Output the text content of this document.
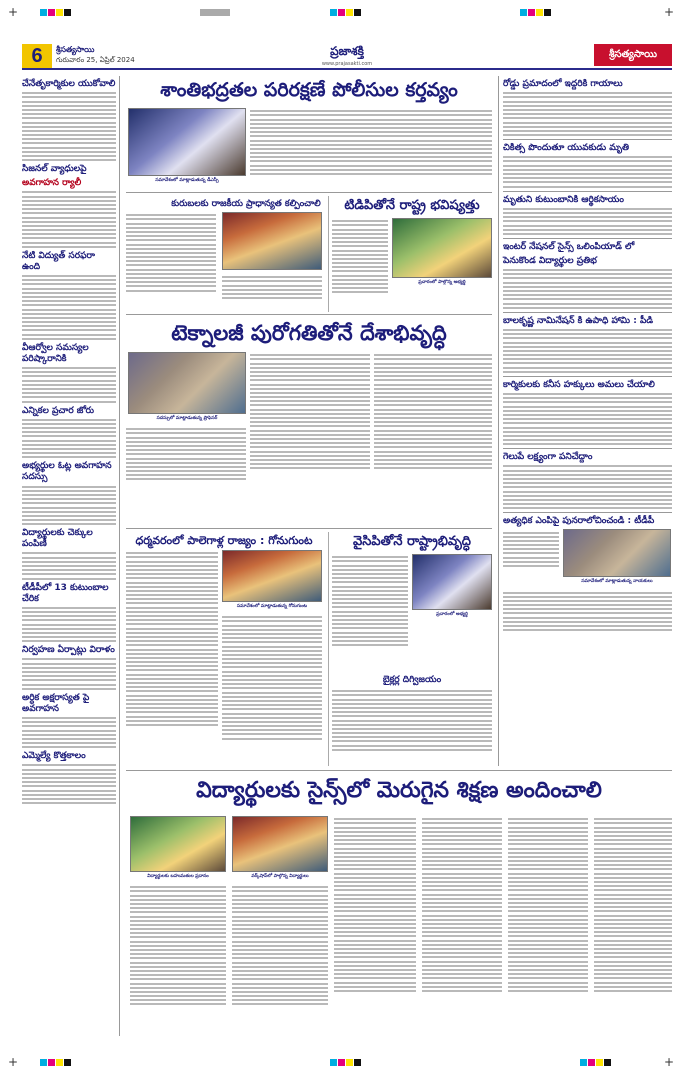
+	+
6	శ్రీసత్యసాయి
గురువారం 25, ఏప్రిల్ 2024
ప్రజాశక్తి
www.prajasakti.com
శ్రీసత్యసాయి
చేనేతృకార్మికుల యుకోవాలి
సిజనల్ వ్యాధులపై
అవగాహన ర్యాలీ
నేటి విద్యుత్ సరఫరా ఉంది
వీఆర్వోల సమస్యల పరిష్కారానికి
ఎన్నికల ప్రచార జోరు
అభ్యర్థుల ఓట్ల అవగాహన సదస్సు
విద్యార్థులకు చెక్కుల పంపిణీ
టీడీపీలో 13 కుటుంబాల చేరిక
నిర్వహణ ఏర్పాట్లు విరాళం
అర్ధిక అక్షరాస్యత పై అవగాహన
ఎమ్మెల్యే కొత్తకాలం
శాంతిభద్రతల పరిరక్షణే పోలీసుల కర్తవ్యం
సమావేశంలో మాట్లాడుతున్న డీఎస్పీ
కురుబలకు రాజకీయ ప్రాధాన్యత కల్పించాలి	టిడిపితోనే రాష్ట్ర భవిష్యత్తు
ప్రచారంలో పాల్గొన్న అభ్యర్థి
టెక్నాలజీ పురోగతితోనే దేశాభివృద్ధి
సదస్సులో మాట్లాడుతున్న ప్రొఫెసర్
ధర్మవరంలో పాలెగాళ్ల రాజ్యం : గోనుగుంట
సమావేశంలో మాట్లాడుతున్న గోనుగుంట
వైసిపితోనే రాష్ట్రాభివృద్ధి
ప్రచారంలో అభ్యర్థి
బైక్లర్ల దిగ్విజయం
రోడ్డు ప్రమాదంలో ఇద్దరికి గాయాలు
చికిత్స పొందుతూ యువకుడు మృతి
మృతుని కుటుంబానికి ఆర్థికసాయం
ఇంటర్ నేషనల్ సైన్స్ ఒలింపియాడ్ లో
పెనుకొండ విద్యార్థుల ప్రతిభ
బాలకృష్ణ నామినేషన్ కి ఉపాధి హామి : పీడి
కార్మికులకు కనీస హక్కులు అమలు చేయాలి
గెలుపే లక్ష్యంగా పనిచేద్దాం
అత్యధిక ఎంపిపై పునరాలోచించండి : టీడీపీ
సమావేశంలో మాట్లాడుతున్న నాయకులు
విద్యార్థులకు సైన్స్‌లో మెరుగైన శిక్షణ అందించాలి
విద్యార్థులకు బహుమతుల ప్రదానం	వర్క్‌షాప్‌లో పాల్గొన్న విద్యార్థులు
+	+
